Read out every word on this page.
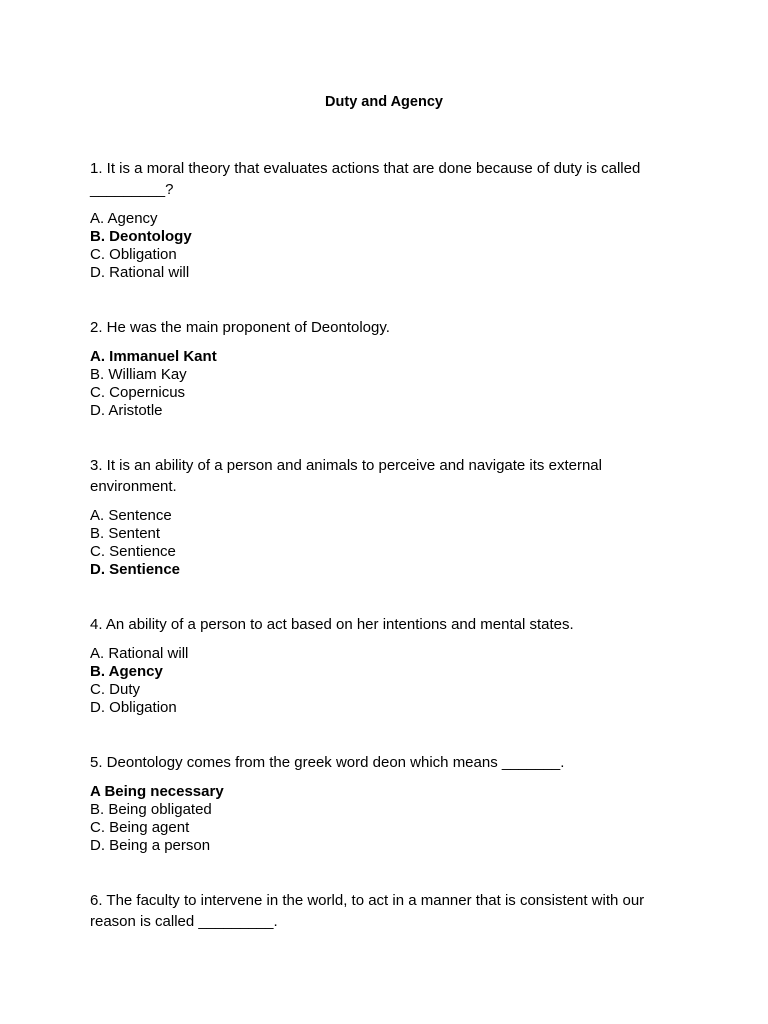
Duty and Agency

1. It is a moral theory that evaluates actions that are done because of duty is called _________?

A. Agency
B. Deontology
C. Obligation
D. Rational will

2. He was the main proponent of Deontology.

A. Immanuel Kant
B. William Kay
C. Copernicus
D. Aristotle

3. It is an ability of a person and animals to perceive and navigate its external environment.

A. Sentence
B. Sentent
C. Sentience
D. Sentience

4. An ability of a person to act based on her intentions and mental states.

A. Rational will
B. Agency
C. Duty
D. Obligation

5. Deontology comes from the greek word deon which means _______.

A Being necessary
B. Being obligated
C. Being agent
D. Being a person

6. The faculty to intervene in the world, to act in a manner that is consistent with our reason is called _________.
